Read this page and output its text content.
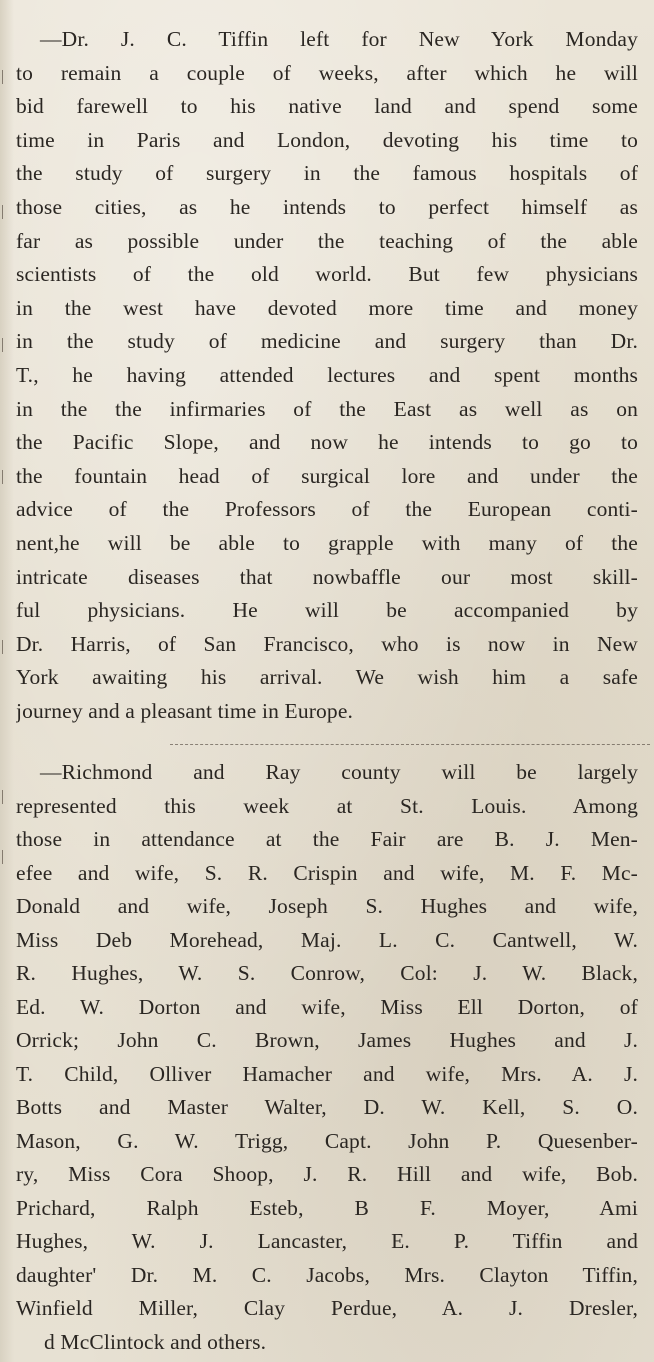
—Dr. J. C. Tiffin left for New York Monday
to remain a couple of weeks, after which he will
bid farewell to his native land and spend some
time in Paris and London, devoting his time to
the study of surgery in the famous hospitals of
those cities, as he intends to perfect himself as
far as possible under the teaching of the able
scientists of the old world. But few physicians
in the west have devoted more time and money
in the study of medicine and surgery than Dr.
T., he having attended lectures and spent months
in the the infirmaries of the East as well as on
the Pacific Slope, and now he intends to go to
the fountain head of surgical lore and under the
advice of the Professors of the European conti-
nent,he will be able to grapple with many of the
intricate diseases that nowbaffle our most skill-
ful physicians. He will be accompanied by
Dr. Harris, of San Francisco, who is now in New
York awaiting his arrival. We wish him a safe
journey and a pleasant time in Europe.
—Richmond and Ray county will be largely
represented this week at St. Louis. Among
those in attendance at the Fair are B. J. Men-
efee and wife, S. R. Crispin and wife, M. F. Mc-
Donald and wife, Joseph S. Hughes and wife,
Miss Deb Morehead, Maj. L. C. Cantwell, W.
R. Hughes, W. S. Conrow, Col: J. W. Black,
Ed. W. Dorton and wife, Miss Ell Dorton, of
Orrick; John C. Brown, James Hughes and J.
T. Child, Olliver Hamacher and wife, Mrs. A. J.
Botts and Master Walter, D. W. Kell, S. O.
Mason, G. W. Trigg, Capt. John P. Quesenber-
ry, Miss Cora Shoop, J. R. Hill and wife, Bob.
Prichard, Ralph Esteb, B F. Moyer, Ami
Hughes, W. J. Lancaster, E. P. Tiffin and
daughter' Dr. M. C. Jacobs, Mrs. Clayton Tiffin,
Winfield Miller, Clay Perdue, A. J. Dresler,
d McClintock and others.
